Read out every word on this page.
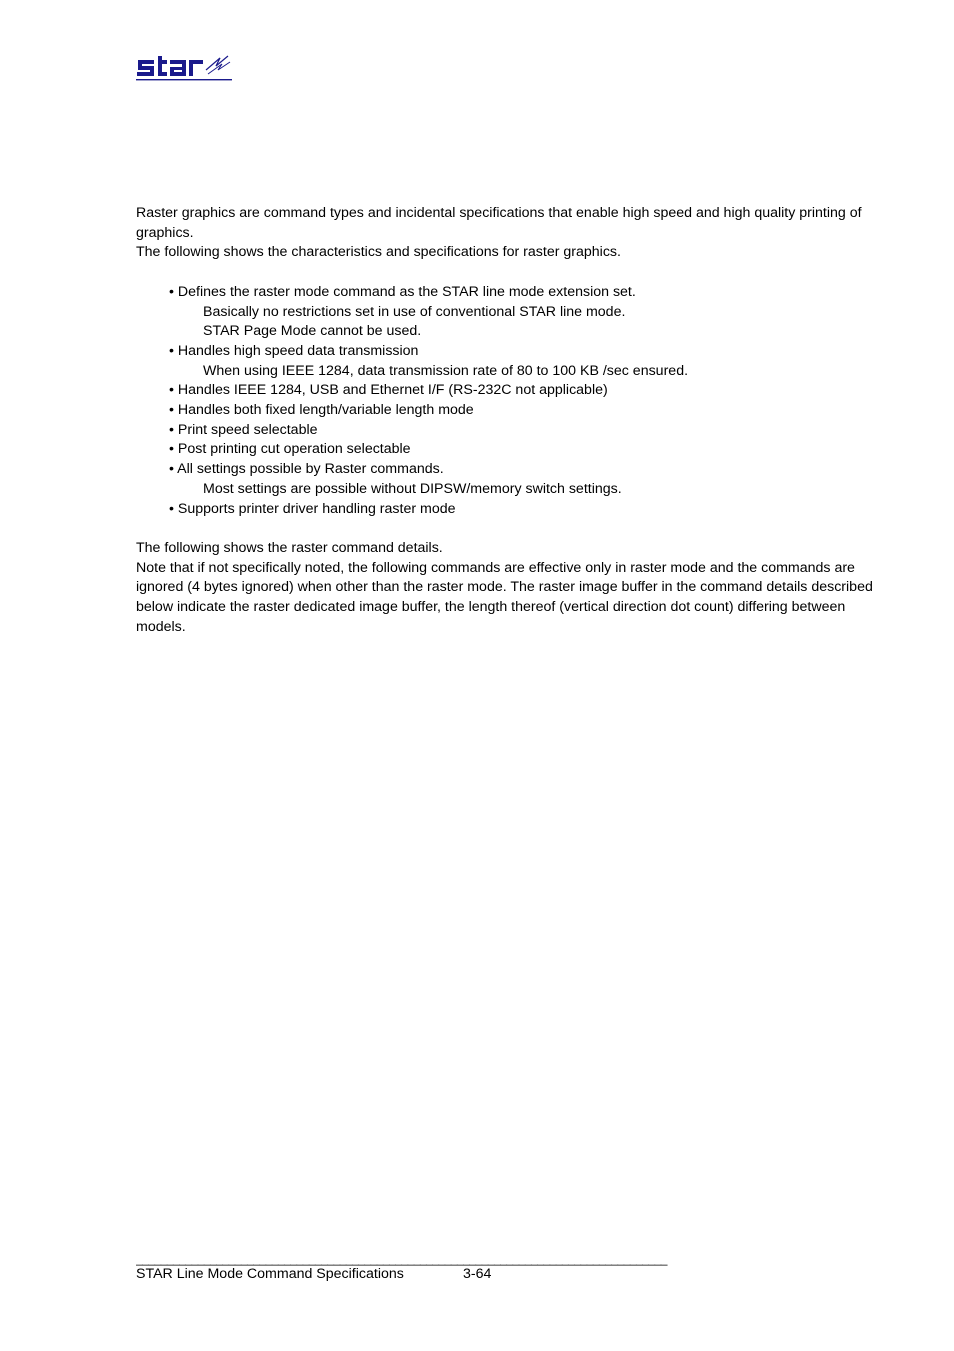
Raster graphics are command types and incidental specifications that enable high speed and high quality printing of graphics.

The following shows the characteristics and specifications for raster graphics.

• Defines the raster mode command as the STAR line mode extension set.

Basically no restrictions set in use of conventional STAR line mode.

STAR Page Mode cannot be used.

• Handles high speed data transmission

When using IEEE 1284, data transmission rate of 80 to 100 KB /sec ensured.

• Handles IEEE 1284, USB and Ethernet I/F (RS-232C not applicable)

• Handles both fixed length/variable length mode

• Print speed selectable

• Post printing cut operation selectable

• All settings possible by Raster commands.

Most settings are possible without DIPSW/memory switch settings.

• Supports printer driver handling raster mode

The following shows the raster command details.

Note that if not specifically noted, the following commands are effective only in raster mode and the commands are ignored (4 bytes ignored) when other than the raster mode. The raster image buffer in the command details described below indicate the raster dedicated image buffer, the length thereof (vertical direction dot count) differing between models.

______________________________________________________________________________________
STAR Line Mode Command Specifications	3-64
